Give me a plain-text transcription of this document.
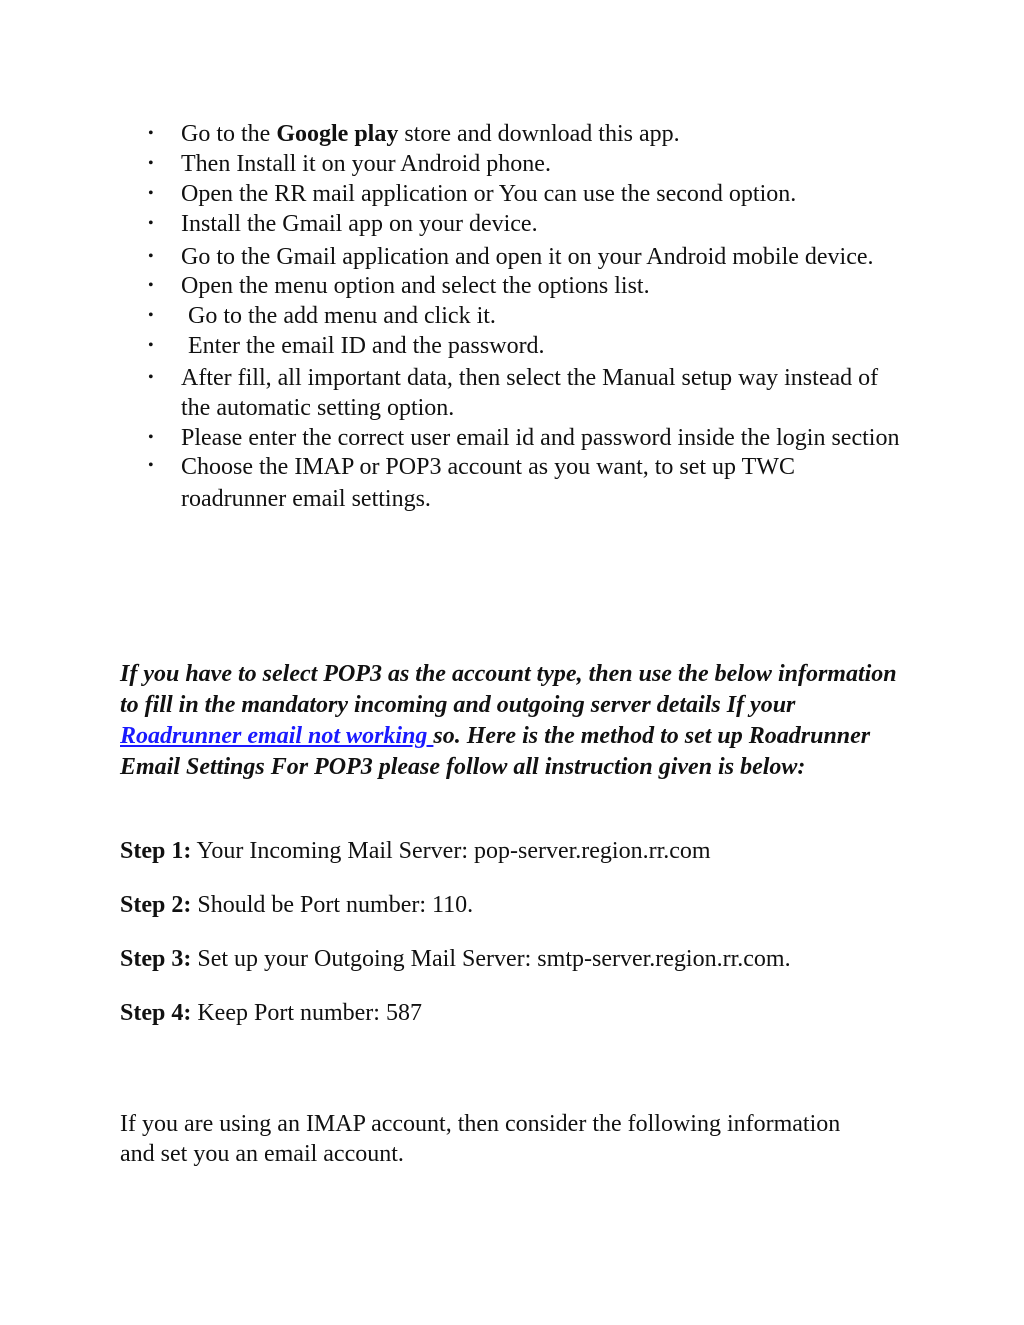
• Go to the Google play store and download this app.
• Then Install it on your Android phone.
• Open the RR mail application or You can use the second option.
• Install the Gmail app on your device.
• Go to the Gmail application and open it on your Android mobile device.
• Open the menu option and select the options list.
• Go to the add menu and click it.
• Enter the email ID and the password.
• After fill, all important data, then select the Manual setup way instead of the automatic setting option.
• Please enter the correct user email id and password inside the login section
• Choose the IMAP or POP3 account as you want, to set up TWC roadrunner email settings.

If you have to select POP3 as the account type, then use the below information to fill in the mandatory incoming and outgoing server details If your Roadrunner email not working so. Here is the method to set up Roadrunner Email Settings For POP3 please follow all instruction given is below:

Step 1: Your Incoming Mail Server: pop-server.region.rr.com

Step 2: Should be Port number: 110.

Step 3: Set up your Outgoing Mail Server: smtp-server.region.rr.com.

Step 4: Keep Port number: 587

If you are using an IMAP account, then consider the following information and set you an email account.
